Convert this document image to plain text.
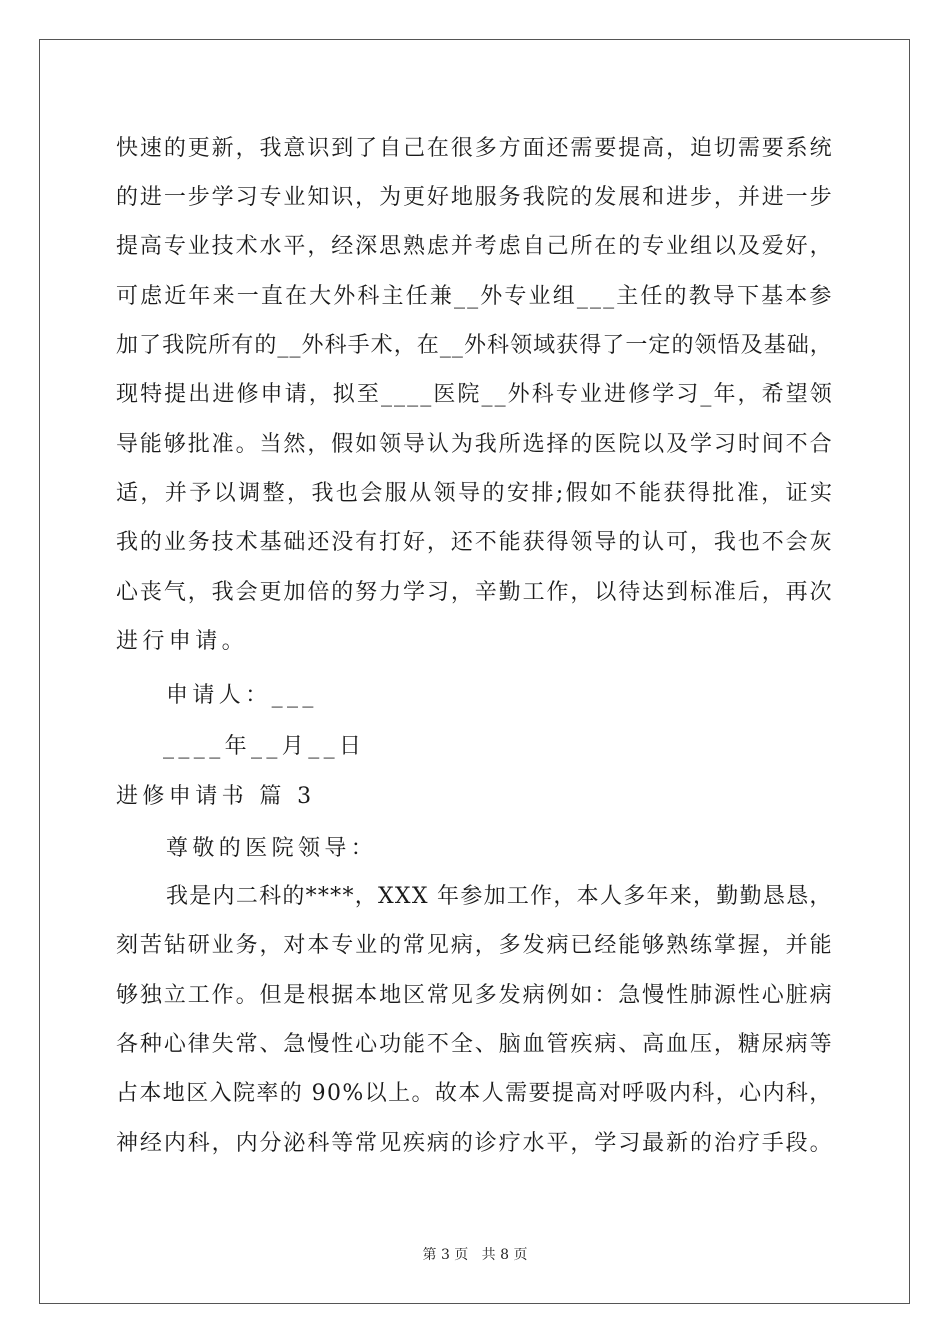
快速的更新，我意识到了自己在很多方面还需要提高，迫切需要系统
的进一步学习专业知识，为更好地服务我院的发展和进步，并进一步
提高专业技术水平，经深思熟虑并考虑自己所在的专业组以及爱好，
可虑近年来一直在大外科主任兼__外专业组___主任的教导下基本参
加了我院所有的__外科手术，在__外科领域获得了一定的领悟及基础，
现特提出进修申请，拟至____医院__外科专业进修学习_年，希望领
导能够批准。当然，假如领导认为我所选择的医院以及学习时间不合
适，并予以调整，我也会服从领导的安排;假如不能获得批准，证实
我的业务技术基础还没有打好，还不能获得领导的认可，我也不会灰
心丧气，我会更加倍的努力学习，辛勤工作，以待达到标准后，再次
进行申请。
申请人：___
____年__月__日
进修申请书 篇 3
尊敬的医院领导：
我是内二科的****，XXX 年参加工作，本人多年来，勤勤恳恳，
刻苦钻研业务，对本专业的常见病，多发病已经能够熟练掌握，并能
够独立工作。但是根据本地区常见多发病例如：急慢性肺源性心脏病
各种心律失常、急慢性心功能不全、脑血管疾病、高血压，糖尿病等
占本地区入院率的 90%以上。故本人需要提高对呼吸内科，心内科，
神经内科，内分泌科等常见疾病的诊疗水平，学习最新的治疗手段。
第 3 页 共 8 页
